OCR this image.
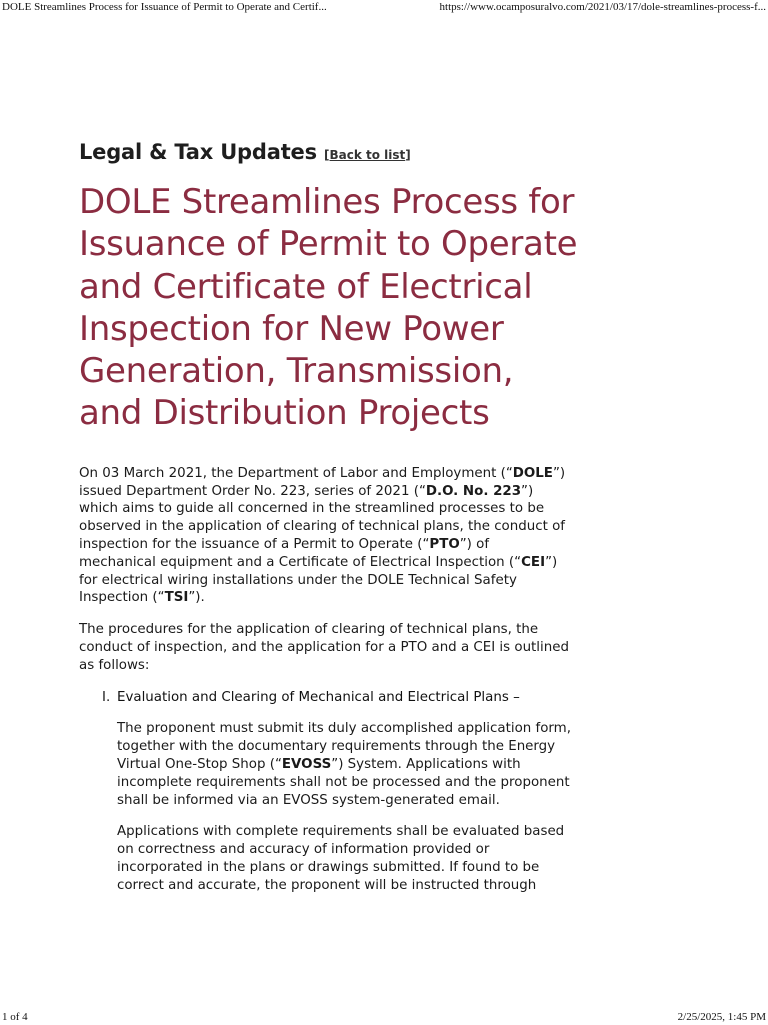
DOLE Streamlines Process for Issuance of Permit to Operate and Certif...	https://www.ocamposuralvo.com/2021/03/17/dole-streamlines-process-f...
Legal & Tax Updates [Back to list]
DOLE Streamlines Process for Issuance of Permit to Operate and Certificate of Electrical Inspection for New Power Generation, Transmission, and Distribution Projects

On 03 March 2021, the Department of Labor and Employment (“DOLE”) issued Department Order No. 223, series of 2021 (“D.O. No. 223”) which aims to guide all concerned in the streamlined processes to be observed in the application of clearing of technical plans, the conduct of inspection for the issuance of a Permit to Operate (“PTO”) of mechanical equipment and a Certificate of Electrical Inspection (“CEI”) for electrical wiring installations under the DOLE Technical Safety Inspection (“TSI”).

The procedures for the application of clearing of technical plans, the conduct of inspection, and the application for a PTO and a CEI is outlined as follows:

I. Evaluation and Clearing of Mechanical and Electrical Plans –

The proponent must submit its duly accomplished application form, together with the documentary requirements through the Energy Virtual One-Stop Shop (“EVOSS”) System. Applications with incomplete requirements shall not be processed and the proponent shall be informed via an EVOSS system-generated email.

Applications with complete requirements shall be evaluated based on correctness and accuracy of information provided or incorporated in the plans or drawings submitted. If found to be correct and accurate, the proponent will be instructed through

1 of 4	2/25/2025, 1:45 PM
